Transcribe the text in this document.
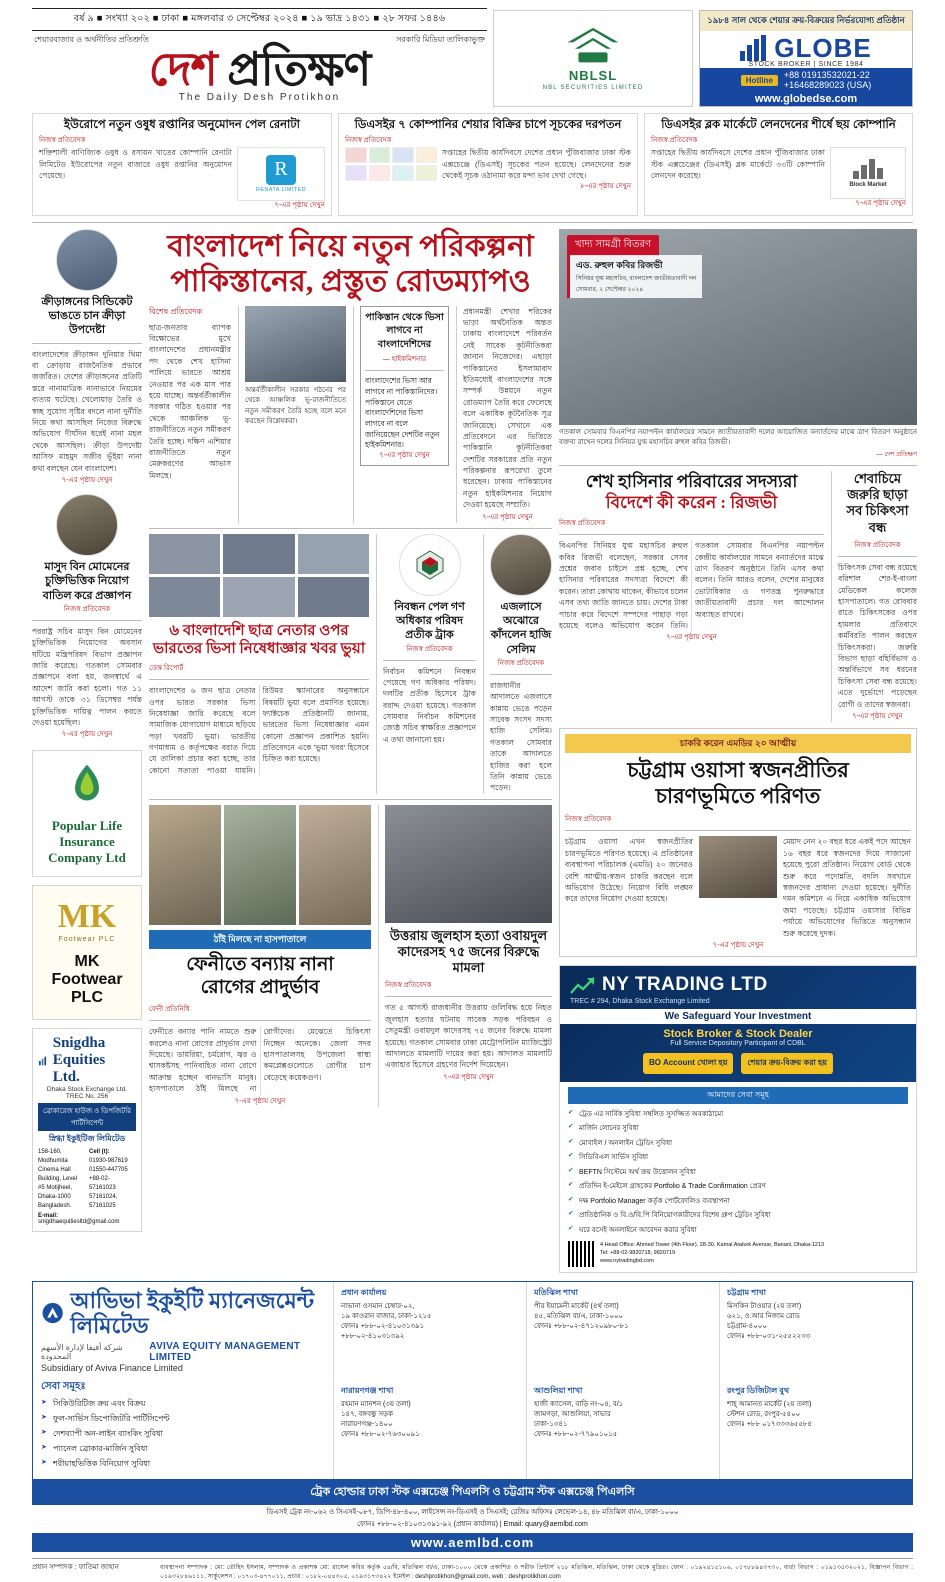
বর্ষ ৯ ■ সংখ্যা ২০২ ■ ঢাকা ■ মঙ্গলবার ৩ সেপ্টেম্বর ২০২৪ ■ ১৯ ভাদ্র ১৪৩১ ■ ২৮ সফর ১৪৪৬
শেয়ারবাজার ও অর্থনীতির প্রতিশ্রুতি	সরকারি মিডিয়া তালিকাভুক্ত
দেশ প্রতিক্ষণ
The Daily Desh Protikhon
NBLSL
NBL SECURITIES LIMITED
১৯৮৪ সাল থেকে শেয়ার ক্রয়-বিক্রয়ের নির্ভরযোগ্য প্রতিষ্ঠান
GLOBE
STOCK BROKER | SINCE 1984
Hotline	+88 01913532021-22
+16468289023 (USA)
www.globedse.com
ইউরোপে নতুন ওষুধ রপ্তানির অনুমোদন পেল রেনাটা
নিজস্ব প্রতিবেদক
শক্তিশালী বাণিজ্যিক ওষুধ ও রসায়ন খাতের কোম্পানি রেনাটা লিমিটেড ইউরোপের নতুন বাজারে ওষুধ রপ্তানির অনুমোদন পেয়েছে।	R
RENATA LIMITED
৭-এর পৃষ্ঠায় দেখুন
ডিএসইর ৭ কোম্পানির শেয়ার বিক্রির চাপে সূচকের দরপতন
নিজস্ব প্রতিবেদক
সপ্তাহের দ্বিতীয় কার্যদিবসে দেশের প্রধান পুঁজিবাজার ঢাকা স্টক এক্সচেঞ্জে (ডিএসই) সূচকের পতন হয়েছে। লেনদেনের শুরু থেকেই সূচক ওঠানামা করে মন্দা ভাব দেখা গেছে।
৮-এর পৃষ্ঠায় দেখুন
ডিএসইর ব্লক মার্কেটে লেনদেনের শীর্ষে ছয় কোম্পানি
নিজস্ব প্রতিবেদক
সপ্তাহের দ্বিতীয় কার্যদিবসে দেশের প্রধান পুঁজিবাজার ঢাকা স্টক এক্সচেঞ্জের (ডিএসই) ব্লক মার্কেটে ৩৩টি কোম্পানি লেনদেন করেছে।
Block Market
৭-এর পৃষ্ঠায় দেখুন
ক্রীড়াঙ্গনের সিন্ডিকেট ভাঙতে চান ক্রীড়া উপদেষ্টা
বাংলাদেশের ক্রীড়াঙ্গন দুনিয়ার থিমা বা ক্রোড়ায় রাজনৈতিক প্রভাবে জর্জরিত। দেশের ক্রীড়াঙ্গনের প্রতিটি স্তরে নানামাত্রিক নানাভাবে নিয়মের ব্যত্যয় ঘটেছে। খেলোয়াড় তৈরি ও স্বচ্ছ সুযোগ সৃষ্টির বদলে নানা দুর্নীতি নিয়ে কথা আসছিল নিজের বিরুদ্ধে অভিযোগ দীর্ঘদিন ধরেই নানা মহল থেকে আসছিল। ক্রীড়া উপদেষ্টা আসিফ মাহমুদ সজীব ভূঁইয়া নানা কথা বলছেন যেন বাংলাদেশ।
৭-এর পৃষ্ঠায় দেখুন
মাসুদ বিন মোমেনের চুক্তিভিত্তিক নিয়োগ বাতিল করে প্রজ্ঞাপন
নিজস্ব প্রতিবেদক
পররাষ্ট্র সচিব মাসুদ বিন মোমেনের চুক্তিভিত্তিক নিয়োগের অবসান ঘটিয়ে মন্ত্রিপরিষদ বিভাগ প্রজ্ঞাপন জারি করেছে। গতকাল সোমবার প্রজ্ঞাপনে বলা হয়, জনস্বার্থে এ আদেশ জারি করা হলো। গত ১১ আগস্ট তাকে ৩১ ডিসেম্বর পর্যন্ত চুক্তিভিত্তিক দায়িত্ব পালন করতে দেওয়া হয়েছিল।
৭-এর পৃষ্ঠায় দেখুন
Popular Life Insurance Company Ltd
MK
Footwear PLC
MK Footwear PLC
Snigdha Equities Ltd.
Dhaka Stock Exchange Ltd. TREC No. 256
ব্রোকারেজ হাউজ ও ডিপজিটরি পার্টিসিপেন্ট
স্নিগ্ধা ইকুইটিজ লিমিটেড
158-160, Modhumita Cinema Hall Building, Level #5 Motijheel, Dhaka-1000 Bangladesh.
Cell (t):
01930-987619
01550-447705
+88-02-57161023
57161024, 57161025
E-mail: snigdhaequitiesltd@gmail.com
বাংলাদেশ নিয়ে নতুন পরিকল্পনা
পাকিস্তানের, প্রস্তুত রোডম্যাপও
বিশেষ প্রতিবেদক
ছাত্র-জনতার ব্যাপক বিক্ষোভের মুখে বাংলাদেশের প্রধানমন্ত্রীর পদ থেকে শেখ হাসিনা পালিয়ে ভারতে আশ্রয় নেওয়ার পর এক মাস পার হয়ে যাচ্ছে। অন্তর্বর্তীকালীন সরকার গঠিত হওয়ার পর থেকে আঞ্চলিক ভূ-রাজনীতিতে নতুন সমীকরণ তৈরি হচ্ছে। দক্ষিণ এশিয়ার রাজনীতিতে নতুন মেরুকরণের আভাস মিলছে।
অন্তর্বর্তীকালীন সরকার গঠনের পর থেকে আঞ্চলিক ভূ-রাজনীতিতে নতুন সমীকরণ তৈরি হচ্ছে বলে মনে করছেন বিশ্লেষকরা।
পাকিস্তান থেকে ভিসা লাগবে না বাংলাদেশিদের
— হাইকমিশনার
বাংলাদেশের ভিসা আর লাগবে না পাকিস্তানিদের। পাকিস্তানে যেতে বাংলাদেশিদের ভিসা লাগবে না বলে জানিয়েছেন দেশটির নতুন হাইকমিশনার।
৭-এর পৃষ্ঠায় দেখুন
প্রধানমন্ত্রী শেখার শরিকের ভাড়া অর্থনৈতিক অন্তত ঢাকায় বাংলাদেশে পরিবর্তন নেই সাবেক কূটনীতিকরা জানান নিজেদের। এছাড়া পাকিস্তানের ইসলামাবাদ ইতিমধ্যেই বাংলাদেশের সঙ্গে সম্পর্ক উন্নয়নে নতুন রোডম্যাপ তৈরি করে ফেলেছে বলে একাধিক কূটনৈতিক সূত্র জানিয়েছে। সেখানে এক প্রতিবেদনে এর ভিত্তিতে পাকিস্তানি কূটনীতিকরা দেশটির সরকারের প্রতি নতুন পরিকল্পনার রূপরেখা তুলে ধরেছেন। ঢাকায় পাকিস্তানের নতুন হাইকমিশনার নিয়োগ দেওয়া হয়েছে সম্প্রতি।
৭-এর পৃষ্ঠায় দেখুন
৬ বাংলাদেশি ছাত্র নেতার ওপর ভারতের ভিসা নিষেধাজ্ঞার খবর ভুয়া
ডেস্ক রিপোর্ট
বাংলাদেশের ৬ জন ছাত্র নেতার ওপর ভারত সরকার ভিসা নিষেধাজ্ঞা জারি করেছে বলে সামাজিক যোগাযোগ মাধ্যমে ছড়িয়ে পড়া খবরটি ভুয়া। ভারতীয় গণমাধ্যম ও কর্তৃপক্ষের বরাত দিয়ে যে তালিকা প্রচার করা হচ্ছে, তার কোনো সত্যতা পাওয়া যায়নি। রিউমর স্ক্যানারের অনুসন্ধানে বিষয়টি ভুয়া বলে প্রমাণিত হয়েছে। ফ্যাক্টচেক প্রতিষ্ঠানটি জানায়, ভারতের ভিসা নিষেধাজ্ঞার এমন কোনো প্রজ্ঞাপন প্রকাশিত হয়নি। প্রতিবেদনে একে 'ভুয়া খবর' হিসেবে চিহ্নিত করা হয়েছে।
নিবন্ধন পেল গণ অধিকার পরিষদ প্রতীক ট্রাক
নিজস্ব প্রতিবেদক
নির্বাচন কমিশনে নিবন্ধন পেয়েছে গণ অধিকার পরিষদ। দলটির প্রতীক হিসেবে ট্রাক বরাদ্দ দেওয়া হয়েছে। গতকাল সোমবার নির্বাচন কমিশনের জ্যেষ্ঠ সচিব স্বাক্ষরিত প্রজ্ঞাপনে এ তথ্য জানানো হয়।
এজলাসে অঝোরে কাঁদলেন হাজি সেলিম
নিজস্ব প্রতিবেদক
রাজধানীর আদালতে এজলাসে কান্নায় ভেঙে পড়েন সাবেক সংসদ সদস্য হাজি সেলিম। গতকাল সোমবার তাকে আদালতে হাজির করা হলে তিনি কান্নায় ভেঙে পড়েন।
ঠাঁই মিলছে না হাসপাতালে
ফেনীতে বন্যায় নানা
রোগের প্রাদুর্ভাব
ফেনী প্রতিনিধি
ফেনীতে বন্যার পানি নামতে শুরু করলেও নানা রোগের প্রাদুর্ভাব দেখা দিয়েছে। ডায়রিয়া, চর্মরোগ, জ্বর ও শ্বাসকষ্টসহ পানিবাহিত নানা রোগে আক্রান্ত হচ্ছেন বানভাসি মানুষ। হাসপাতালে ঠাঁই মিলছে না রোগীদের। মেঝেতে চিকিৎসা নিচ্ছেন অনেকে। জেলা সদর হাসপাতালসহ উপজেলা স্বাস্থ্য কমপ্লেক্সগুলোতে রোগীর চাপ বেড়েছে কয়েকগুণ।
৭-এর পৃষ্ঠায় দেখুন
উত্তরায় জুলহাস হত্যা ওবায়দুল কাদেরসহ ৭৫ জনের বিরুদ্ধে মামলা
নিজস্ব প্রতিবেদক
গত ৫ আগস্ট রাজধানীর উত্তরায় গুলিবিদ্ধ হয়ে নিহত জুলহাস হত্যার ঘটনায় সাবেক সড়ক পরিবহন ও সেতুমন্ত্রী ওবায়দুল কাদেরসহ ৭৫ জনের বিরুদ্ধে মামলা হয়েছে। গতকাল সোমবার ঢাকা মেট্রোপলিটন ম্যাজিস্ট্রেট আদালতে মামলাটি দায়ের করা হয়। আদালত মামলাটি এজাহার হিসেবে গ্রহণের নির্দেশ দিয়েছেন।
৭-এর পৃষ্ঠায় দেখুন
খাদ্য সামগ্রী বিতরণ
এড. রুহুল কবির রিজভী
সিনিয়র যুগ্ম মহাসচিব, বাংলাদেশ জাতীয়তাবাদী দল
সোমবার, ২ সেপ্টেম্বর ২০২৪
গতকাল সোমবার বিএনপির নয়াপল্টন কার্যালয়ের সামনে জাতীয়তাবাদী দলের আয়োজিত বন্যার্তদের মাঝে ত্রাণ বিতরণ অনুষ্ঠানে বক্তব্য রাখেন দলের সিনিয়র যুগ্ম মহাসচিব রুহুল কবির রিজভী।
— দেশ প্রতিক্ষণ
শেখ হাসিনার পরিবারের সদস্যরা
বিদেশে কী করেন : রিজভী
নিজস্ব প্রতিবেদক
বিএনপির সিনিয়র যুগ্ম মহাসচিব রুহুল কবির রিজভী বলেছেন, সরকার সেসব প্রশ্নের জবাব চাইলে প্রশ্ন হচ্ছে, শেখ হাসিনার পরিবারের সদস্যরা বিদেশে কী করেন। তারা কোথায় থাকেন, কীভাবে চলেন এসব তথ্য জাতি জানতে চায়। দেশের টাকা পাচার করে বিদেশে সম্পদের পাহাড় গড়া হয়েছে বলেও অভিযোগ করেন তিনি। গতকাল সোমবার বিএনপির নয়াপল্টন কেন্দ্রীয় কার্যালয়ের সামনে বন্যার্তদের মাঝে ত্রাণ বিতরণ অনুষ্ঠানে তিনি এসব কথা বলেন। তিনি আরও বলেন, দেশের মানুষের ভোটাধিকার ও গণতন্ত্র পুনরুদ্ধারে জাতীয়তাবাদী প্রচার দল আন্দোলন অব্যাহত রাখবে।
৭-এর পৃষ্ঠায় দেখুন
শেবাচিমে জরুরি ছাড়া সব চিকিৎসা বন্ধ
নিজস্ব প্রতিবেদক
চিকিৎসক সেবা বন্ধ রয়েছে বরিশাল শের-ই-বাংলা মেডিকেল কলেজ হাসপাতালে। গত রোববার রাতে চিকিৎসকের ওপর হামলার প্রতিবাদে কর্মবিরতি পালন করছেন চিকিৎসকরা। জরুরি বিভাগ ছাড়া বহির্বিভাগ ও অন্তর্বিভাগে সব ধরনের চিকিৎসা সেবা বন্ধ রয়েছে। এতে দুর্ভোগে পড়েছেন রোগী ও তাদের স্বজনরা।
৭-এর পৃষ্ঠায় দেখুন
চাকরি করেন এমডির ২০ আত্মীয়
চট্টগ্রাম ওয়াসা স্বজনপ্রীতির
চারণভূমিতে পরিণত
নিজস্ব প্রতিবেদক
চট্টগ্রাম ওয়াসা এখন স্বজনপ্রীতির চারণভূমিতে পরিণত হয়েছে। এ প্রতিষ্ঠানের ব্যবস্থাপনা পরিচালক (এমডি) ২০ জনেরও বেশি আত্মীয়-স্বজন চাকরি করছেন বলে অভিযোগ উঠেছে। নিয়োগ বিধি লঙ্ঘন করে তাদের নিয়োগ দেওয়া হয়েছে।
মেয়াদ নেন ২০ বছর ধরে একই পদে আছেন ১৬ বছর ধরে স্বজনদের দিয়ে সাজানো হয়েছে পুরো প্রতিষ্ঠান। নিয়োগ বোর্ড থেকে শুরু করে পদোন্নতি, বদলি সবখানে স্বজনদের প্রাধান্য দেওয়া হয়েছে। দুর্নীতি দমন কমিশনে এ নিয়ে একাধিক অভিযোগ জমা পড়েছে। চট্টগ্রাম ওয়াসার বিভিন্ন পর্যায়ে অভিযোগের ভিত্তিতে অনুসন্ধান শুরু করেছে দুদক।
৭-এর পৃষ্ঠায় দেখুন
NY TRADING LTD
TREC # 294, Dhaka Stock Exchange Limited
We Safeguard Your Investment
Stock Broker & Stock Dealer
Full Service Depository Participant of CDBL
BO Account খোলা হয়	শেয়ার ক্রয়-বিক্রয় করা হয়
আমাদের সেবা সমূহ
✔ ট্রেড এর সার্বিক সুবিধা সম্বলিত সুসজ্জিত অবকাঠামো
✔ মার্জিন লোনের সুবিধা
✔ মোবাইল / অনলাইন ট্রেডিং সুবিধা
✔ সিডিবিএল সার্ভিস সুবিধা
✔ BEFTN সিস্টেমে অর্থ ক্রয় উত্তোলন সুবিধা
✔ প্রতিদিন ই-মেইলে গ্রাহকের Portfolio & Trade Confirmation প্রেরণ
✔ দক্ষ Portfolio Manager কর্তৃক পোর্টফোলিও ব্যবস্থাপনা
✔ প্রাতিষ্ঠানিক ও বি.ও/বি.পি বিনিয়োগকারীদের বিশেষ গ্রুপ ট্রেডিং সুবিধা
✔ ঘরে বসেই অনলাইনে আবেদন করার সুবিধা
4 Head Office: Ahmed Tower (4th Floor), 28-30, Kamal Ataturk Avenue, Banani, Dhaka-1213
Tel: +88-02-9820718, 9820719
www.nytradingbd.com
আভিভা ইকুইটি ম্যানেজমেন্ট লিমিটেড
شركة أفيفا لإدارة الأسهم المحدودة
AVIVA EQUITY MANAGEMENT LIMITED
Subsidiary of Aviva Finance Limited
সেবা সমূহঃ
➤ সিকিউরিটিজ ক্রয় এবং বিক্রয়
➤ ফুল-সার্ভিস ডিপোজিটরি পার্টিসিপেন্ট
➤ দেশব্যাপী অন-লাইন ব্যাংকিং সুবিধা
➤ প্যানেল ব্রোকার-মার্জিন সুবিধা
➤ শরীয়াহভিত্তিক বিনিয়োগ সুবিধা
প্রধান কার্যালয়
নাভানা ওসমান চেম্বার-০২,
১৯ কাওরান বাজার, ঢাকা-১২১৫
ফোনঃ +৮৮-০২-৪১০৩১৩৯১
+৮৮-০২-৪১০৩১৩৯২
মতিঝিল শাখা
পীর ইয়ামেনী মার্কেট (৪র্থ তলা)
৪৫, মতিঝিল বা/এ, ঢাকা-১০০০
ফোনঃ +৮৮-০২-৪৭১২০৯৮০-৮১
চট্টগ্রাম শাখা
মিসকিন টাওয়ার (২য় তলা)
৬২১, ও.আর নিজাম রোড
চট্টগ্রাম-৪০০০
ফোনঃ +৮৮-০৩১-২৫৫২২৩৩
নারায়ণগঞ্জ শাখা
রহমান ম্যানশন (৩য় তলা)
১৪৭, বঙ্গবন্ধু সড়ক
নারায়ণগঞ্জ-১৪০০
ফোনঃ +৮৮-০২-৭৬৩০০৯১
আশুলিয়া শাখা
হাজী ক্যাসেল, বাড়ি নং-০৪, ব/১
জামগড়া, আশুলিয়া, সাভার
ঢাকা-১৩৪১
ফোনঃ +৮৮-০২-৭৭৯০১০১৫
রংপুর ডিজিটাল বুথ
শাহ্‌ আমানত মার্কেট (২য় তলা)
স্টেশন রোড, রংপুর-৫৪০০
ফোনঃ +৮৮ ০১৭৩৩৩৬৫৫৮৪
ট্রেক হোল্ডার ঢাকা স্টক এক্সচেঞ্জ পিএলসি ও চট্টগ্রাম স্টক এক্সচেঞ্জ পিএলসি
ডিএসই ট্রেক নং-০৬২ ও সিএসই-০৮৭, ডিপি-৪৮-৪০০, লাইসেন্স নং-ডিএসই ও সিএসই; রেজিঃ অফিসঃ লেভেল-১৪, ৪৮ মতিঝিল বা/এ, ঢাকা-১০০০
ফোনঃ +৮৮-০২-৪১০৩১৩৯১-৯২ (প্রধান কার্যালয়) | Email: quary@aemlbd.com
www.aemlbd.com
প্রধান সম্পাদক : ফাতিমা জাহান	ব্যবস্থাপনা সম্পাদক : মো: তৌহিদ ইসলাম, সম্পাদক ও প্রকাশক মো: রাসেল কবির কর্তৃক ৫৪/বি, মতিঝিল বা/এ, ঢাকা-১০০০ থেকে প্রকাশিত ও শরীফ প্রিন্টার্স ২১৮ মতিঝিল, মতিঝিল, ঢাকা থেকে মুদ্রিত। ফোন : ০১৯২৪১৫১০৬, ০১৭৮৮৯৪৩৭৩০, বার্তা বিভাগ : ০১৯১৩৫৩২০২১, বিজ্ঞাপন বিভাগ : ০১৯৩২৮৪৬১১১, সার্কুলেশন : ০১৭০৩-৪৭৭০১১, প্রচার : ০১৮২-০৪৪৩০৫, ০১৯৩১৭৩৪২২ ইমেইল : deshprotikhon@gmail.com, web : deshprotikhon.com
